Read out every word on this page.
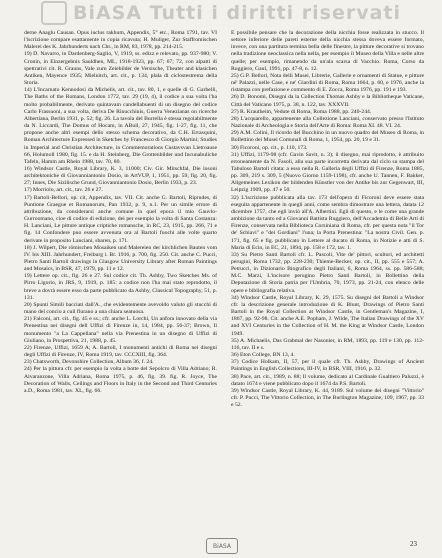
BiASA Tutti i diritti riservati

derne Anaglu Causan. Opus iuclus rakhum, Appendix, 5° etc., Roma 1791, tav. VI l'iscrizione compare esattamente in copia ricavuta; H. Muliger, Zur Staffromischen Malerei des K. Jahrhunderts nach Chr., in RM, 83, 1978, pp. 214-215.

19) D. Navarro, in Dardenberg-Saglio, V, 1919, ss. edizz e relevato, pp. 937-980; V. Cronin, in Einzergebnis Sauldhen, ML, 1918-1923, pp. 67; 67; 72, con alpatti di spettrativi cit. R. Grauns, Vale zurn Zeiebilder de Versische, Theater and klasichen Antiken, Mayence 1935; Mielnitch, art. cit., p. 134, plala di ciclostestrema della Storia.

14) L'Incarnato Kennodosi da Michelis, art. cit., tav. 80, 1, e quelle di G. Garbelli, The Baths of the Romans, London 1772, tav. 29 (19, 4), il codice a sua volta l'ha molto probabilmente, derivato quintavam candellabuenti di un disegno del codice Carlo Frassuoni, a sua volta, deriva De Rinucchinis, Guerra Venezianas on ricerche Albertiana, Berlin 1931, p. 52; fig. 26. La tavola del Burrella è stessa regolabilmente da N. Liccardi, The Domus of Hocam, in ABull, 27, 1945, fig. 1-27, fig. 11, che propone anche altri esempi dello stesso schema decorativo, da C.H. Errasquini, Roman Architecture Expressed in Sketches by Francesco di Giorgio Martini; Studies in Imperial and Christian Architecture, in Commemorations Custavsvan Lietroause 66, Holumoll 1980, fig. 15. e da H. Steinberg, Die Grottenbilder und Incunabuliche Tafeln, Hamm am Rhein 1988, tav. 70, 80.

16) Windsor Castle, Royal Library, K. 3, 11000; Civ. Gir. Mitschfal, Die losoni architektoniche di Giovanniantonio Dosio, in ArtVUP, 1, 1951, pp. 59, fig. 20, fig. 27; Innes, Die Sizilische Grund, Giovanniantonio Dosio, Berlin 1933, p. 23.

17) Morriolo, art. cit., tav. 26 e 27.

17) Bartoli-Bellori, op. cit, Appendix, tav. VII. Cit. anche G. Bartoli, Riprudes, di Puntione Graegue et Romanorum, Pan 1932, p. 9, n.1. Per un simile errore di attribuzione, da considerarsi anche comune in quel epoca il mio Gauvlo-Gurroomano, cioe di codice di edizione, dei per esempio la volta di Santa Costanza: H. Lanciani, Le pitture antique criptiche romansche, in RC, 23, 1915, pp. 266, 71 e fig. 14 Confondere puo essere avvenuta ora al Bartoli fuochi alle volte quarto derivate in proposito Lanciani, sbaren, p. 171.

18) J. Wilpert, Die römischen Mosaiken und Malereien der kirchlichen Bauten vom IV. bis XIII. Jahrhundert, Freiburg i. Br. 1916, p. 700, fig. 250. Cit. anche C. Pucci, Pietro Santi Bartoli drawings in Glasgow University Library after Roman Paintings and Mosaics, in BSR, 47, 1979, pp. 11 e 12.

19) Lettere op. cit., fig. 26 e 27. Sul codice cit. Th. Ashby, Two Sketches Ms. of Pirro Ligorio, in JRS, 9, 1919, p. 185: a codice non l'ha mai stato reprodotto, il breve a dovrà essere esso da parte pubblicato da Ashby, Classical Topography, 51, p. 131.

20) Spunti Simili bacciati dall'A., che evidentemente avevoldo valuto gli stucchi di mano del concio a cuil flurano a una chiara seatuosa.

21) Falconi, art. cit., fig. 45 e ss.; cfr. anche L. Lorchi, Un anfora innovato della via Prenestina nei disegni dell Uffizi di Firenze in, 14, 1984, pp. 56-37; Brown, Il monumento "a La Cappellana" nella via Prenestina in un disegno di Uffizi di Giuliano, in Prospettiva, 21, 1988, p. 45.

22) Firenze, Uffizi, 1659 A; A. Bartoli, I monumenti antichi di Roma nei disegni degli Uffizi di Firenze, IV, Roma 1919, tav. CCCXIII, fig. 364.

23) Chatsworth, Devonshire Collection, Album 36, f. 24.

24) Per la pittura cfr. per esempio la volta a botte del Sepolcro di Villa Adriano; R. Alvaranzone, Villa Adriana, Roma 1975, p. 46, fig. 39. fig. R. Joyce, The Decoration of Walls, Ceilings and Floors in Italy in the Second and Third Centuries a.D., Roma 1981, tav. XL, fig. 66.

È possibile pensare che la decorazione della nicchia fosse realizzata in stucco. Il settore inferiore delle pareti esterne della nicchia stessa doveva essere formato, invece, con una partitura termina bella delle finestre, la pitture decorative si trovano nella tradizione neoclassica nella nella, per esempio il Museo della Villa e nelle altre quelle; per esempio, rimanendo da un'ala scarsa di Vacchio. Roma, Corso da Ruggiero, Gaul, 1991, pp. 47-8, n. 12.

25) G.P. Bellori, Nota delli Musei, Librerie, Gallerie e ornamenti di Statue, e pitture né' Palazzi, nelle Case, e ne' Giardini di Roma, Roma 1664, p. 60, e 1976, anche la ristampa con prefazione e commento di E. Zocca, Roma 1976, pp. 191 e 193.

26) D. Bonomi, Disegni da la Collection Thomas Ashby e la Bibliotheque Vaticane, Città del Vaticano 1975, p. 38, n. 122, tav. XXXVII.

27) R. Krautheim, Vedute di Roma, Roma 1988, pp. 240-244.

28) L'acquarello, appartenente alla Collezione Lanciani, conservato presso l'Istituto Nazionale di Archeologia e Storia dell'Arte di Roma: Roma XI. 48. VI. 24.

29) A.M. Colini, Il ricordo del Bucchino in un nuovo quadro del Museo di Roma, in Bollettino dei Musei Comunali di Roma, 1, 1954, pp. 20, 19 e 31.

30) Ficoroni, op. cit., p. 110, 173.

31) Uffizi, 1179-98 (cfr. Gavin Savit, n. 3); il disegno, mai riprodotto, è attribuito erroneamente da N. Fasoli, alla sua parte incorretta derivata dal ciclo su stampa del Tabuloso Bartoli citata: a esso nella R. Galleria degli Uffizi di Firenze, Roma 1885, pp. 309, 219 s. 309, 5 (Nuovo Giorno 1159-1198), cfr. anche U. Tannen, F. Bakker, Allgemeines Lexikon der bildenden Künstler von der Antike bis zur Gegenwart, III, Leipzig 1909, pp. 47 e 50.

32) L'iscrizione pubblicata alla tav. 173 dell'opera di Ficoroni deve essere stata eseguita appartenente in quegli anni, come sembra dimostrare una lettera, datata 12 dicembre 1757, che egli inviò all'A. Albertini. Egli di questo, e le come una grande ambizione da tanto ed a Giovanni Battista Ruggiero, dell'Accademia di Belle Arti di Firenze, conservata nella Biblioteca Corsiniana di Roma, cfr. per questa nota "il Tor de' Schiavi" e "dei Gordiani" l'una; la Porta Prenestina: "La nostra Civil. Gen. p. 171, fig. 65 e fig. pubblicato in Lettere al ducato di Roma, in Notizie e atti di S. Maria di Ecin, in EC, 21, 1894, pp. 158 e 172, tav. 1.

33) Su Pietro Santi Bartoli cfr. L. Pascoli, Vite de' pittori, scultori, ed architetti perugini, Roma 1732, pp. 228-230; Thieme-Becker, op. cit., II, pp. 555 e 557; A. Petrucci, in Dizionario Biografico degli Italiani, 6, Roma 1964, ss. pp. 586-588; M.C. Marzi, L'incisore perugino Pietro Santi Bartoli, in Bollettino della Deputazione di Storia patria per l'Umbria, 70, 1973, pp. 21-24, con elenco delle opere e bibliografia relativa.

34) Windsor Castle, Royal Library, K. 29, 1575. Su disegni del Bartoli a Windsor cfr. la descrizione generale introduzione di K. Blunt, Drawings of Pietro Santi Bartoli in the Royal Collection at Windsor Castle, in Gentleman's Magazine, I, 1867, pp. 92-98. Cit. anche A.E. Popham, J. Wilde, The Italian Drawings of the XV and XVI Centuries in the Collection of H. M. the King at Windsor Castle, London 1949.

35) A. Michaelis, Das Grabmal der Nasonier, in RM, 1893, pp. 119 e 130, pp. 112-116, tav. II e s.

36) Eton College, BN 13, 4.

37) Codice Holkam, II, 57, per il quale cfr. Th. Ashby, Drawings of Ancient Paintings in English Collections, III-IV, in BSR, VIII, 1916, p. 32.

38) Pace, art. cit., 1989, n. 88; Il volume, dedicato al Cardinale Gualtiero Paluzzi, è datato 1674 e viene pubblicato dopo il 1674 da P.S. Bartoli.

39) Windsor Castle, Royal Library, K. 44, 9189. Sul volume dei disegni "Vittorio" cfr. P. Pucci, The Vittorio Collection, in The Burlington Magazine, 109, 1967, pp. 33 e 52.

BiASA	23
